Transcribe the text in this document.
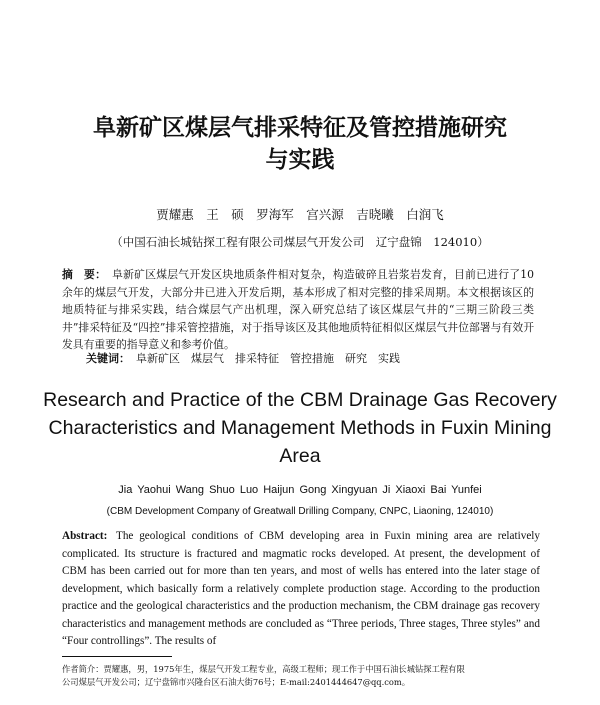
阜新矿区煤层气排采特征及管控措施研究
与实践
贾耀惠　王　硕　罗海军　宫兴源　吉晓曦　白润飞
（中国石油长城钻探工程有限公司煤层气开发公司　辽宁盘锦　124010）
摘　要： 阜新矿区煤层气开发区块地质条件相对复杂，构造破碎且岩浆岩发育，目前已进行了10余年的煤层气开发，大部分井已进入开发后期，基本形成了相对完整的排采周期。本文根据该区的地质特征与排采实践，结合煤层气产出机理，深入研究总结了该区煤层气井的“三期三阶段三类井”排采特征及“四控”排采管控措施，对于指导该区及其他地质特征相似区煤层气井位部署与有效开发具有重要的指导意义和参考价值。
关键词： 阜新矿区　煤层气　排采特征　管控措施　研究　实践
Research and Practice of the CBM Drainage Gas Recovery Characteristics and Management Methods in Fuxin Mining Area
Jia Yaohui Wang Shuo Luo Haijun Gong Xingyuan Ji Xiaoxi Bai Yunfei
(CBM Development Company of Greatwall Drilling Company, CNPC, Liaoning, 124010)
Abstract: The geological conditions of CBM developing area in Fuxin mining area are relatively complicated. Its structure is fractured and magmatic rocks developed. At present, the development of CBM has been carried out for more than ten years, and most of wells has entered into the later stage of development, which basically form a relatively complete production stage. According to the production practice and the geological characteristics and the production mechanism, the CBM drainage gas recovery characteristics and management methods are concluded as “Three periods, Three stages, Three styles” and “Four controllings”. The results of
作者简介：贾耀惠，男，1975年生，煤层气开发工程专业，高级工程师；现工作于中国石油长城钻探工程有限
公司煤层气开发公司；辽宁盘锦市兴隆台区石油大街76号；E-mail:2401444647@qq.com。
